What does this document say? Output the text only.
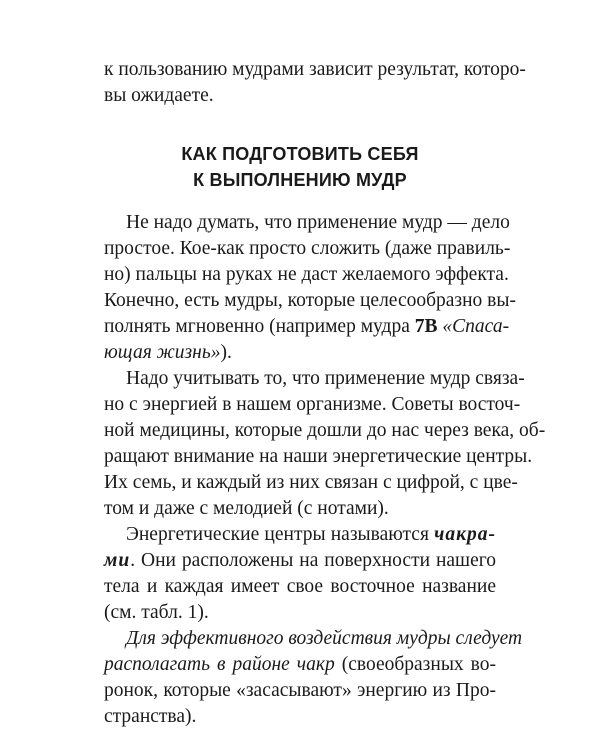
к пользованию мудрами зависит результат, которо-
вы ожидаете.
КАК ПОДГОТОВИТЬ СЕБЯ
К ВЫПОЛНЕНИЮ МУДР
Не надо думать, что применение мудр — дело
простое. Кое-как просто сложить (даже правиль-
но) пальцы на руках не даст желаемого эффекта.
Конечно, есть мудры, которые целесообразно вы-
полнять мгновенно (например мудра 7В «Спаса-
ющая жизнь»).
Надо учитывать то, что применение мудр связа-
но с энергией в нашем организме. Советы восточ-
ной медицины, которые дошли до нас через века, об-
ращают внимание на наши энергетические центры.
Их семь, и каждый из них связан с цифрой, с цве-
том и даже с мелодией (с нотами).
Энергетические центры называются чакра-
ми. Они расположены на поверхности нашего
тела и каждая имеет свое восточное название
(см. табл. 1).
Для эффективного воздействия мудры следует
располагать в районе чакр (своеобразных во-
ронок, которые «засасывают» энергию из Про-
странства).
